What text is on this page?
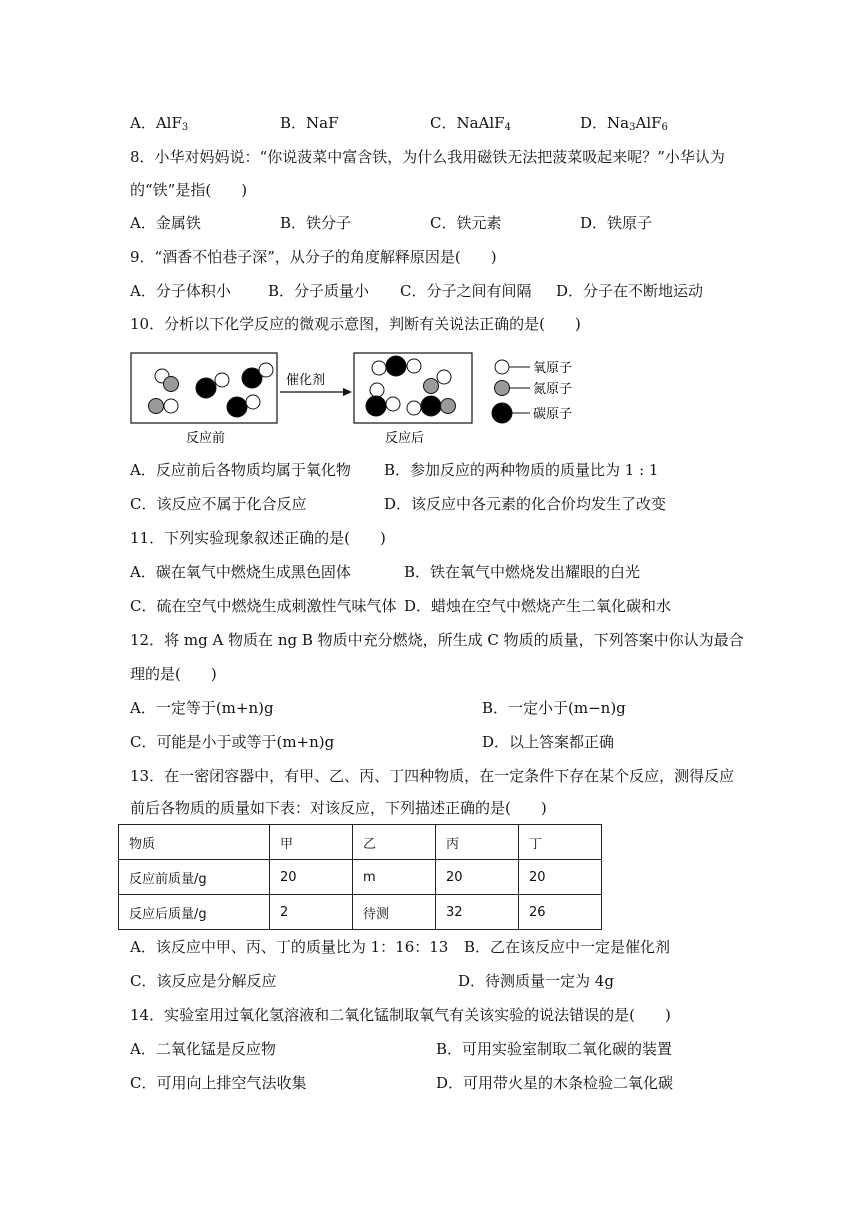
A．AlF$_3$	B．NaF	C．NaAlF$_4$	D．$Na_3AlF_6$
8．小华对妈妈说：“你说菠菜中富含铁，为什么我用磁铁无法把菠菜吸起来呢？”小华认为
的“铁”是指(　　)
A．金属铁	B．铁分子	C．铁元素	D．铁原子
9．“酒香不怕巷子深”，从分子的角度解释原因是(　　)
A．分子体积小 B．分子质量小 C．分子之间有间隔 D．分子在不断地运动
10．分析以下化学反应的微观示意图，判断有关说法正确的是(　　)
催化剂
氧原子
氮原子
碳原子
反应前	反应后
A．反应前后各物质均属于氧化物 B．参加反应的两种物质的质量比为 1 : 1
C．该反应不属于化合反应	D．该反应中各元素的化合价均发生了改变
11．下列实验现象叙述正确的是(　　)
A．碳在氧气中燃烧生成黑色固体	B．铁在氧气中燃烧发出耀眼的白光
C．硫在空气中燃烧生成刺激性气味气体 D．蜡烛在空气中燃烧产生二氧化碳和水
12．将 mg A 物质在 ng B 物质中充分燃烧，所生成 C 物质的质量，下列答案中你认为最合
理的是(　　)
A．一定等于(m+n)g	B．一定小于(m−n)g
C．可能是小于或等于(m+n)g	D．以上答案都正确
13．在一密闭容器中，有甲、乙、丙、丁四种物质，在一定条件下存在某个反应，测得反应
前后各物质的质量如下表：对该反应，下列描述正确的是(　　)
物质	甲	乙	丙	丁
反应前质量/g	20	m	20	20
反应后质量/g	2	待测	32	26
A．该反应中甲、丙、丁的质量比为 1：16：13 B．乙在该反应中一定是催化剂
C．该反应是分解反应	D．待测质量一定为 4g
14．实验室用过氧化氢溶液和二氧化锰制取氧气有关该实验的说法错误的是(　　)
A．二氧化锰是反应物	B．可用实验室制取二氧化碳的装置
C．可用向上排空气法收集	D．可用带火星的木条检验二氧化碳
